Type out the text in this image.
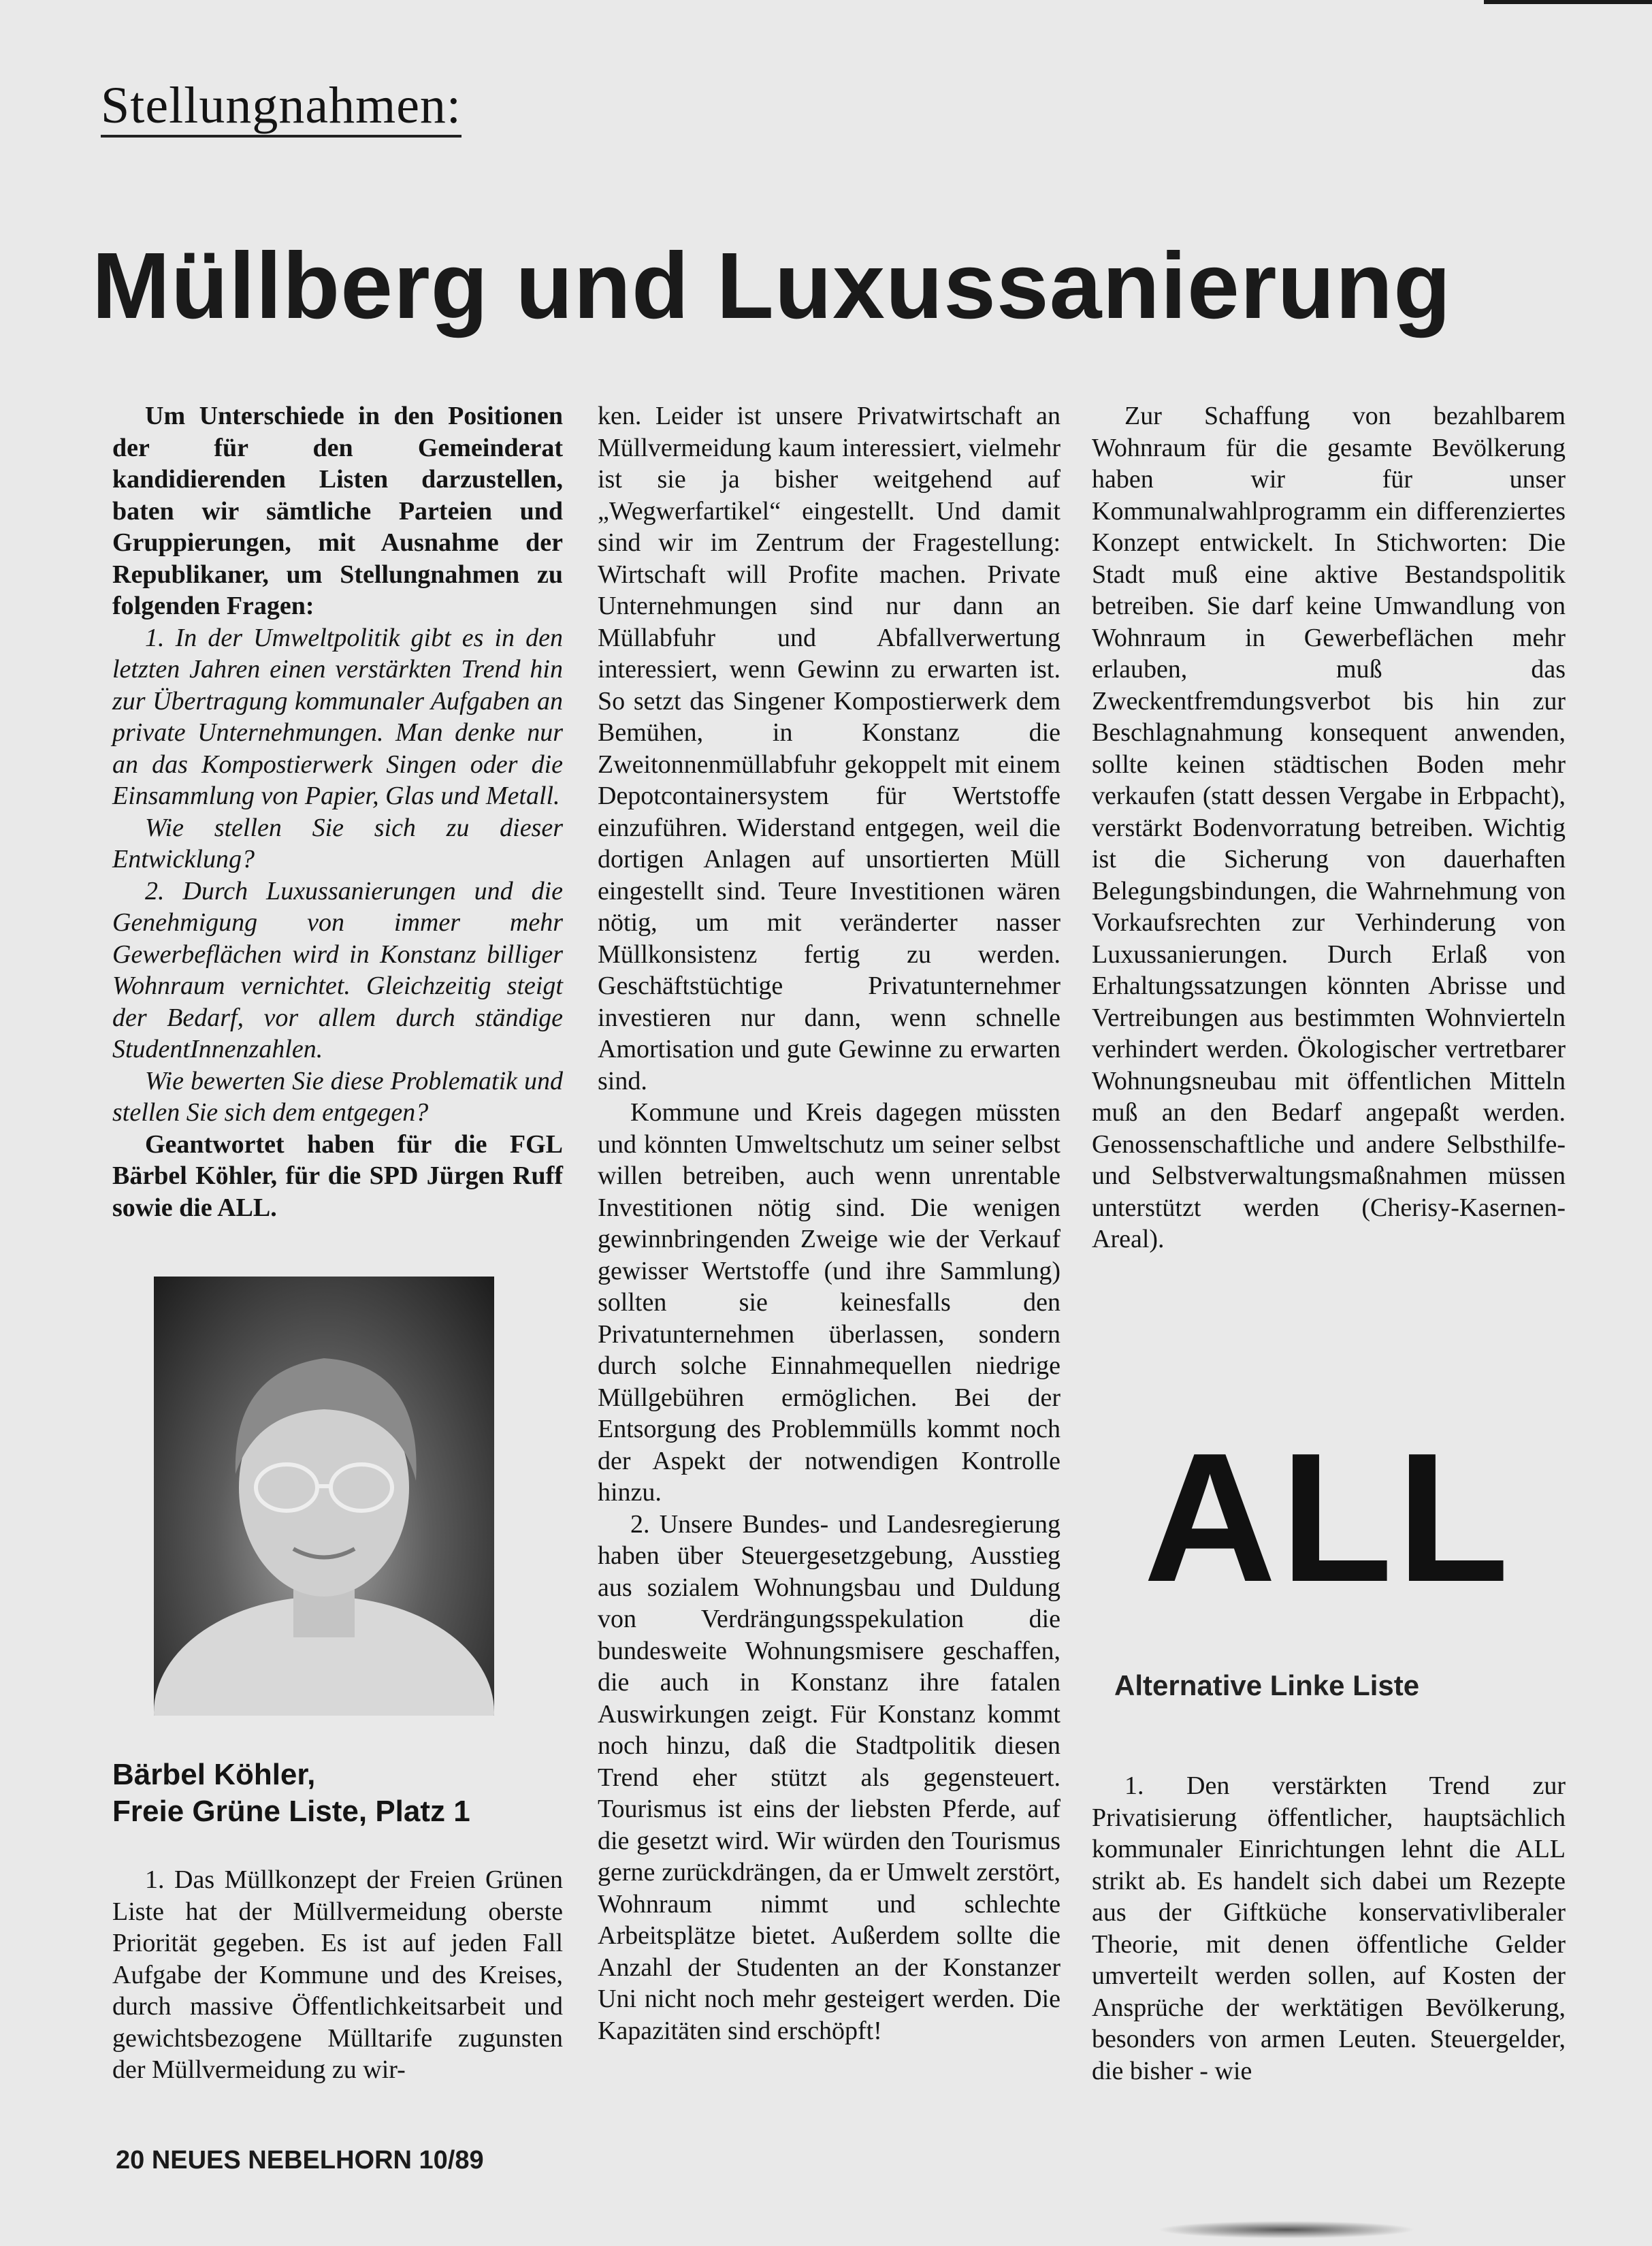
Stellungnahmen:
Müllberg und Luxussanierung

Um Unterschiede in den Positionen der für den Gemeinderat kandidierenden Listen darzustellen, baten wir sämtliche Parteien und Gruppierungen, mit Ausnahme der Republikaner, um Stellungnahmen zu folgenden Fragen:

1. In der Umweltpolitik gibt es in den letzten Jahren einen verstärkten Trend hin zur Übertragung kommunaler Aufgaben an private Unternehmungen. Man denke nur an das Kompostierwerk Singen oder die Einsammlung von Papier, Glas und Metall.

Wie stellen Sie sich zu dieser Entwicklung?

2. Durch Luxussanierungen und die Genehmigung von immer mehr Gewerbeflächen wird in Konstanz billiger Wohnraum vernichtet. Gleichzeitig steigt der Bedarf, vor allem durch ständige StudentInnenzahlen.

Wie bewerten Sie diese Problematik und stellen Sie sich dem entgegen?

Geantwortet haben für die FGL Bärbel Köhler, für die SPD Jürgen Ruff sowie die ALL.

Bärbel Köhler,
Freie Grüne Liste, Platz 1

1. Das Müllkonzept der Freien Grünen Liste hat der Müllvermeidung oberste Priorität gegeben. Es ist auf jeden Fall Aufgabe der Kommune und des Kreises, durch massive Öffentlichkeitsarbeit und gewichtsbezogene Mülltarife zugunsten der Müllvermeidung zu wir-

ken. Leider ist unsere Privatwirtschaft an Müllvermeidung kaum interessiert, vielmehr ist sie ja bisher weitgehend auf „Wegwerfartikel“ eingestellt. Und damit sind wir im Zentrum der Fragestellung: Wirtschaft will Profite machen. Private Unternehmungen sind nur dann an Müllabfuhr und Abfallverwertung interessiert, wenn Gewinn zu erwarten ist. So setzt das Singener Kompostierwerk dem Bemühen, in Konstanz die Zweitonnenmüllabfuhr gekoppelt mit einem Depotcontainersystem für Wertstoffe einzuführen. Widerstand entgegen, weil die dortigen Anlagen auf unsortierten Müll eingestellt sind. Teure Investitionen wären nötig, um mit veränderter nasser Müllkonsistenz fertig zu werden. Geschäftstüchtige Privatunternehmer investieren nur dann, wenn schnelle Amortisation und gute Gewinne zu erwarten sind.

Kommune und Kreis dagegen müssten und könnten Umweltschutz um seiner selbst willen betreiben, auch wenn unrentable Investitionen nötig sind. Die wenigen gewinnbringenden Zweige wie der Verkauf gewisser Wertstoffe (und ihre Sammlung) sollten sie keinesfalls den Privatunternehmen überlassen, sondern durch solche Einnahmequellen niedrige Müllgebühren ermöglichen. Bei der Entsorgung des Problemmülls kommt noch der Aspekt der notwendigen Kontrolle hinzu.

2. Unsere Bundes- und Landesregierung haben über Steuergesetzgebung, Ausstieg aus sozialem Wohnungsbau und Duldung von Verdrängungsspekulation die bundesweite Wohnungsmisere geschaffen, die auch in Konstanz ihre fatalen Auswirkungen zeigt. Für Konstanz kommt noch hinzu, daß die Stadtpolitik diesen Trend eher stützt als gegensteuert. Tourismus ist eins der liebsten Pferde, auf die gesetzt wird. Wir würden den Tourismus gerne zurückdrängen, da er Umwelt zerstört, Wohnraum nimmt und schlechte Arbeitsplätze bietet. Außerdem sollte die Anzahl der Studenten an der Konstanzer Uni nicht noch mehr gesteigert werden. Die Kapazitäten sind erschöpft!

Zur Schaffung von bezahlbarem Wohnraum für die gesamte Bevölkerung haben wir für unser Kommunalwahlprogramm ein differenziertes Konzept entwickelt. In Stichworten: Die Stadt muß eine aktive Bestandspolitik betreiben. Sie darf keine Umwandlung von Wohnraum in Gewerbeflächen mehr erlauben, muß das Zweckentfremdungsverbot bis hin zur Beschlagnahmung konsequent anwenden, sollte keinen städtischen Boden mehr verkaufen (statt dessen Vergabe in Erbpacht), verstärkt Bodenvorratung betreiben. Wichtig ist die Sicherung von dauerhaften Belegungsbindungen, die Wahrnehmung von Vorkaufsrechten zur Verhinderung von Luxussanierungen. Durch Erlaß von Erhaltungssatzungen könnten Abrisse und Vertreibungen aus bestimmten Wohnvierteln verhindert werden. Ökologischer vertretbarer Wohnungsneubau mit öffentlichen Mitteln muß an den Bedarf angepaßt werden. Genossenschaftliche und andere Selbsthilfe- und Selbstverwaltungsmaßnahmen müssen unterstützt werden (Cherisy-Kasernen-Areal).

ALL
Alternative Linke Liste

1. Den verstärkten Trend zur Privatisierung öffentlicher, hauptsächlich kommunaler Einrichtungen lehnt die ALL strikt ab. Es handelt sich dabei um Rezepte aus der Giftküche konservativliberaler Theorie, mit denen öffentliche Gelder umverteilt werden sollen, auf Kosten der Ansprüche der werktätigen Bevölkerung, besonders von armen Leuten. Steuergelder, die bisher - wie

20 NEUES NEBELHORN 10/89
